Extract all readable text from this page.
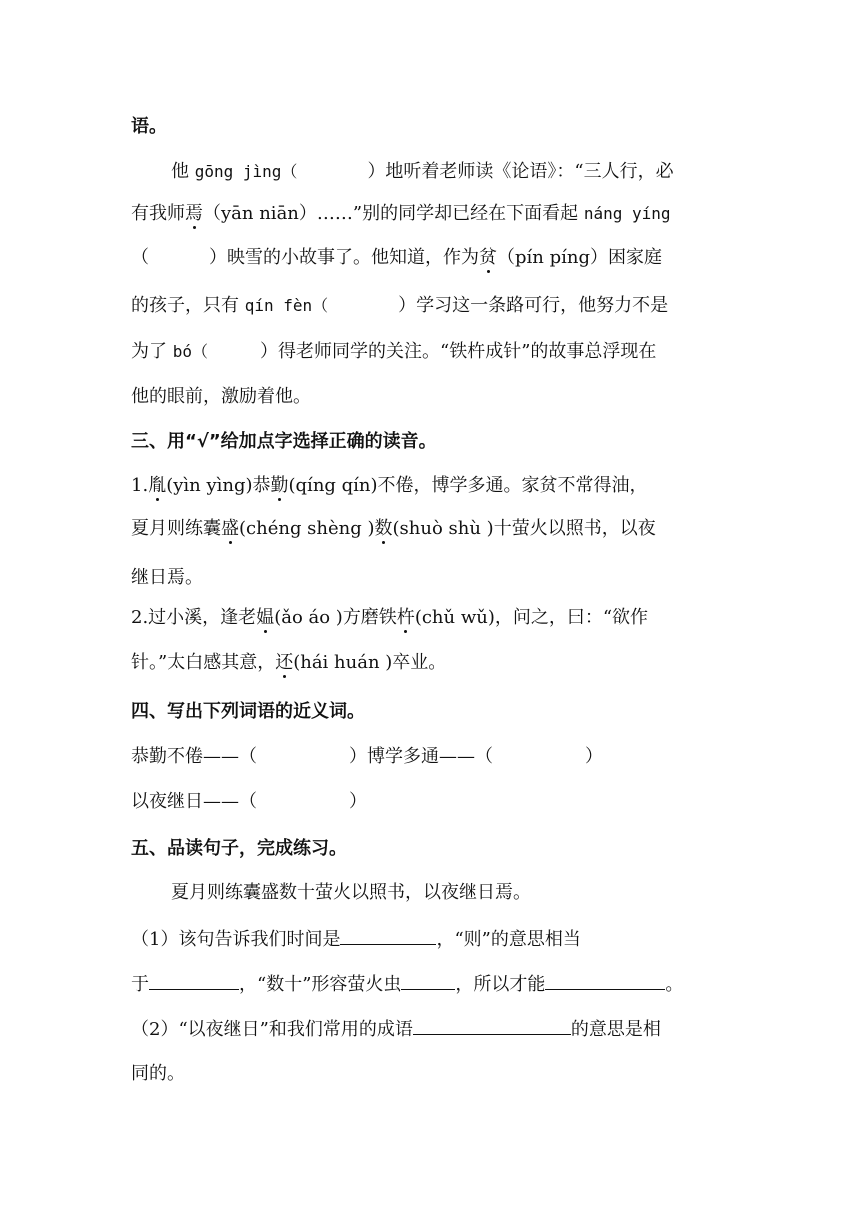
语。
他 gōng jìng（	）地听着老师读《论语》：“三人行，必
有我师焉（yān niān）……”别的同学却已经在下面看起 náng yíng
（	）映雪的小故事了。他知道，作为贫（pín píng）困家庭
的孩子，只有 qín fèn（	）学习这一条路可行，他努力不是
为了 bó（	）得老师同学的关注。“铁杵成针”的故事总浮现在
他的眼前，激励着他。
三、用“√”给加点字选择正确的读音。
1.胤(yìn yìng)恭勤(qíng qín)不倦，博学多通。家贫不常得油，
夏月则练囊盛(chéng shèng )数(shuò shù )十萤火以照书，以夜
继日焉。
2.过小溪，逢老媪(ǎo áo )方磨铁杵(chǔ wǔ)，问之，曰：“欲作
针。”太白感其意，还(hái huán )卒业。
四、写出下列词语的近义词。
恭勤不倦——（	）博学多通——（	）
以夜继日——（	）
五、品读句子，完成练习。
夏月则练囊盛数十萤火以照书，以夜继日焉。
（1）该句告诉我们时间是	，“则”的意思相当
于	，“数十”形容萤火虫	，所以才能	。
（2）“以夜继日”和我们常用的成语	的意思是相
同的。
